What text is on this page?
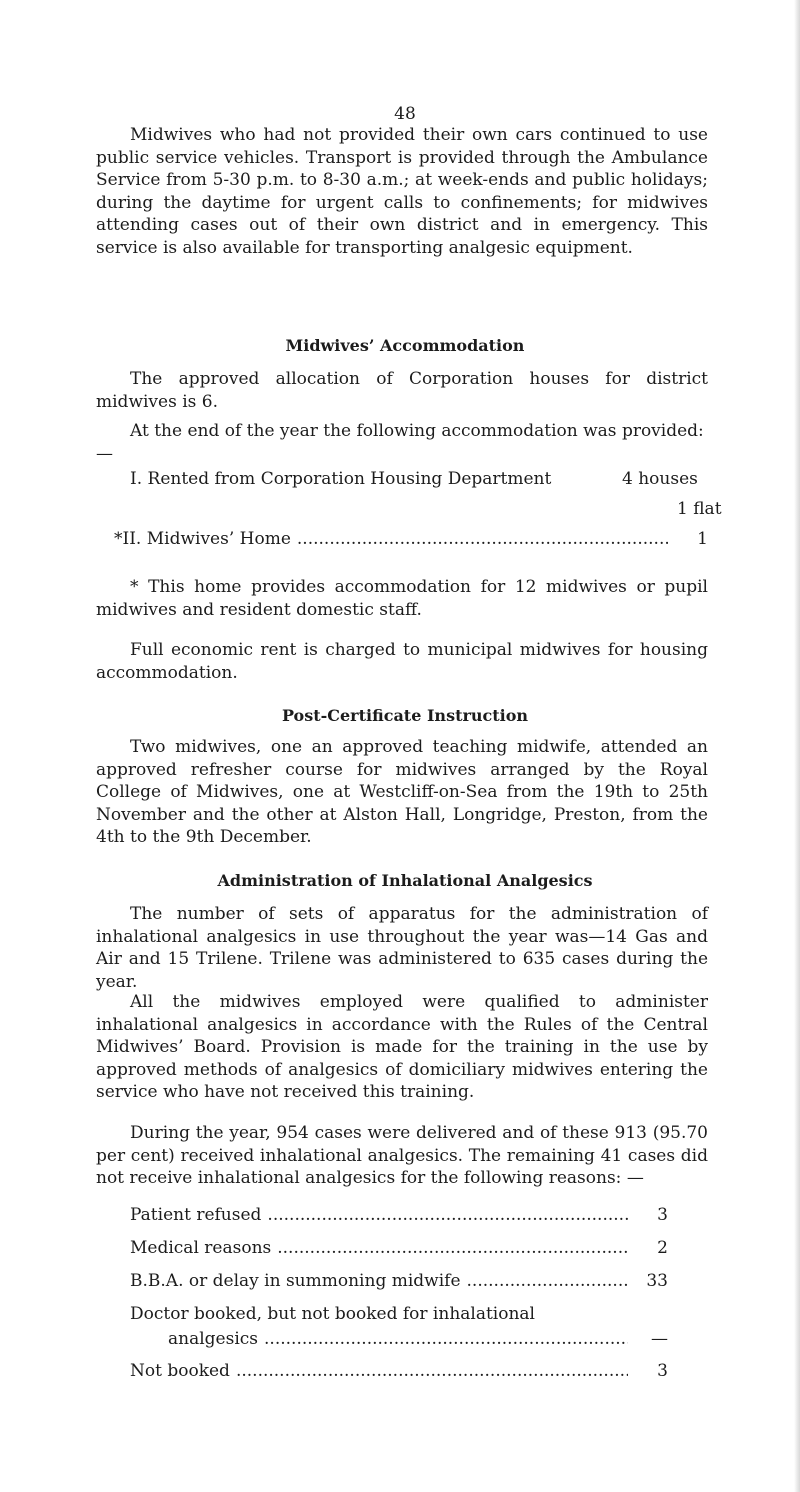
48

Midwives who had not provided their own cars continued to use public service vehicles. Transport is provided through the Ambulance Service from 5-30 p.m. to 8-30 a.m.; at week-ends and public holidays; during the daytime for urgent calls to confinements; for midwives attending cases out of their own district and in emergency. This service is also available for transporting analgesic equipment.

Midwives’ Accommodation

The approved allocation of Corporation houses for district midwives is 6.

At the end of the year the following accommodation was provided: —

I. Rented from Corporation Housing Department	4 houses
1 flat
*II. Midwives’ Home .....	1

* This home provides accommodation for 12 midwives or pupil midwives and resident domestic staff.

Full economic rent is charged to municipal midwives for housing accommodation.

Post-Certificate Instruction

Two midwives, one an approved teaching midwife, attended an approved refresher course for midwives arranged by the Royal College of Midwives, one at Westcliff-on-Sea from the 19th to 25th November and the other at Alston Hall, Longridge, Preston, from the 4th to the 9th December.

Administration of Inhalational Analgesics

The number of sets of apparatus for the administration of inhalational analgesics in use throughout the year was—14 Gas and Air and 15 Trilene. Trilene was administered to 635 cases during the year.

All the midwives employed were qualified to administer inhalational analgesics in accordance with the Rules of the Central Midwives’ Board. Provision is made for the training in the use by approved methods of analgesics of domiciliary midwives entering the service who have not received this training.

During the year, 954 cases were delivered and of these 913 (95.70 per cent) received inhalational analgesics. The remaining 41 cases did not receive inhalational analgesics for the following reasons: —

Patient refused .....	3
Medical reasons .....	2
B.B.A. or delay in summoning midwife .....	33
Doctor booked, but not booked for inhalational
analgesics .....	—
Not booked .....	3
